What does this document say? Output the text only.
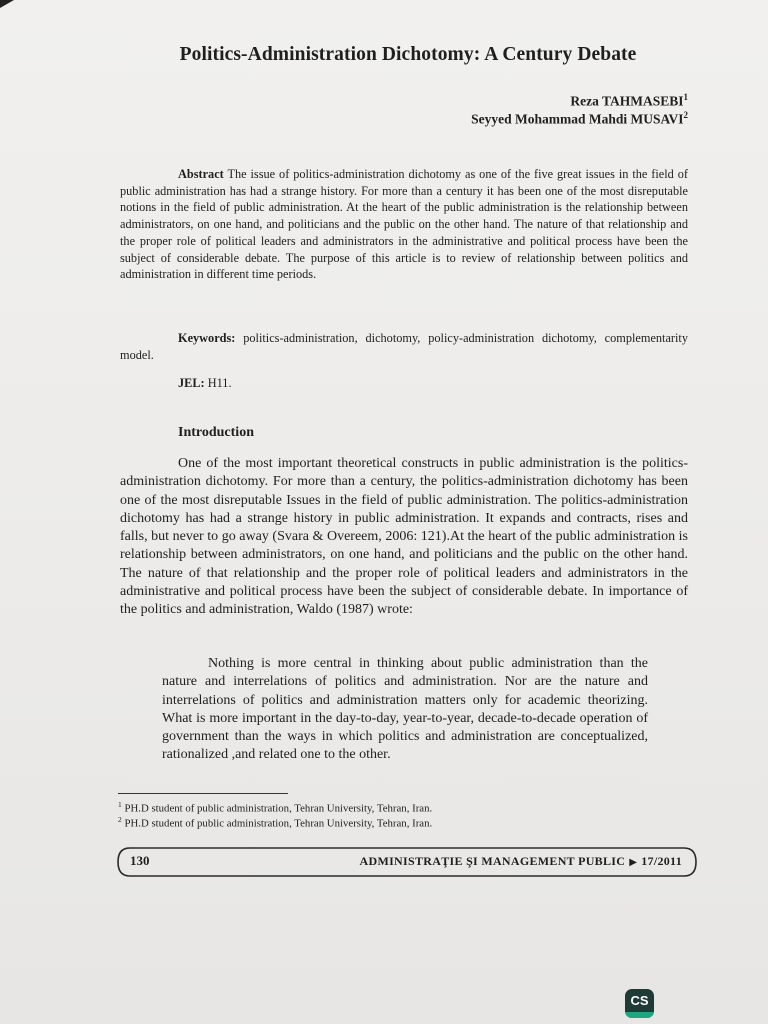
Politics-Administration Dichotomy: A Century Debate
Reza TAHMASEBI$^1$
Seyyed Mohammad Mahdi MUSAVI$^2$
Abstract The issue of politics-administration dichotomy as one of the five great issues in the field of public administration has had a strange history. For more than a century it has been one of the most disreputable notions in the field of public administration. At the heart of the public administration is the relationship between administrators, on one hand, and politicians and the public on the other hand. The nature of that relationship and the proper role of political leaders and administrators in the administrative and political process have been the subject of considerable debate. The purpose of this article is to review of relationship between politics and administration in different time periods.
Keywords: politics-administration, dichotomy, policy-administration dichotomy, complementarity model.
JEL: H11.
Introduction
One of the most important theoretical constructs in public administration is the politics-administration dichotomy. For more than a century, the politics-administration dichotomy has been one of the most disreputable Issues in the field of public administration. The politics-administration dichotomy has had a strange history in public administration. It expands and contracts, rises and falls, but never to go away (Svara & Overeem, 2006: 121).At the heart of the public administration is relationship between administrators, on one hand, and politicians and the public on the other hand. The nature of that relationship and the proper role of political leaders and administrators in the administrative and political process have been the subject of considerable debate. In importance of the politics and administration, Waldo (1987) wrote:
Nothing is more central in thinking about public administration than the nature and interrelations of politics and administration. Nor are the nature and interrelations of politics and administration matters only for academic theorizing. What is more important in the day-to-day, year-to-year, decade-to-decade operation of government than the ways in which politics and administration are conceptualized, rationalized ,and related one to the other.
$^1$ PH.D student of public administration, Tehran University, Tehran, Iran.
$^2$ PH.D student of public administration, Tehran University, Tehran, Iran.
130	ADMINISTRAŢIE ŞI MANAGEMENT PUBLIC ▶ 17/2011
CS
